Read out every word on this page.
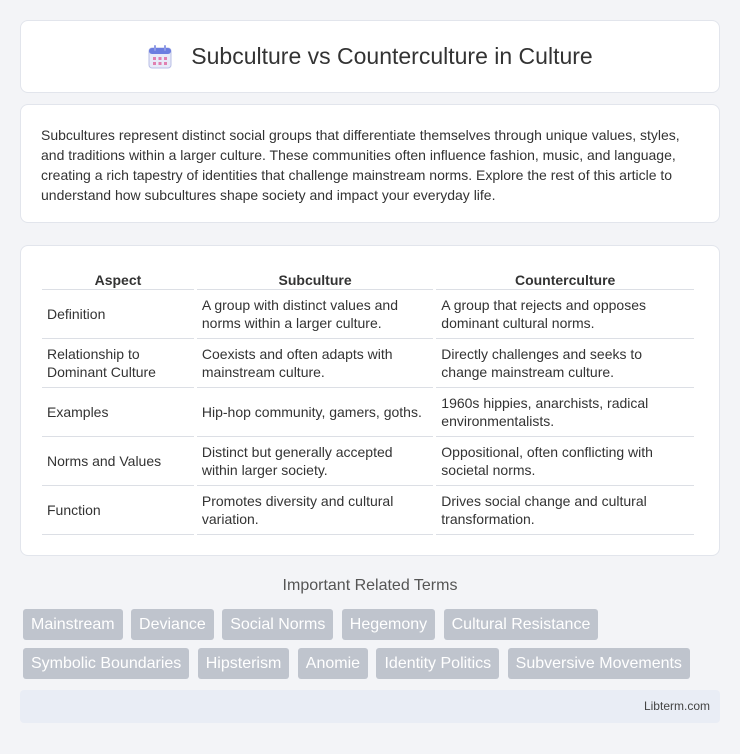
Subculture vs Counterculture in Culture

Subcultures represent distinct social groups that differentiate themselves through unique values, styles, and traditions within a larger culture. These communities often influence fashion, music, and language, creating a rich tapestry of identities that challenge mainstream norms. Explore the rest of this article to understand how subcultures shape society and impact your everyday life.

Aspect	Subculture	Counterculture
Definition	A group with distinct values and norms within a larger culture.	A group that rejects and opposes dominant cultural norms.
Relationship to Dominant Culture	Coexists and often adapts with mainstream culture.	Directly challenges and seeks to change mainstream culture.
Examples	Hip-hop community, gamers, goths.	1960s hippies, anarchists, radical environmentalists.
Norms and Values	Distinct but generally accepted within larger society.	Oppositional, often conflicting with societal norms.
Function	Promotes diversity and cultural variation.	Drives social change and cultural transformation.
Important Related Terms
Mainstream Deviance Social Norms Hegemony Cultural Resistance
Symbolic Boundaries Hipsterism Anomie Identity Politics Subversive Movements
Libterm.com
